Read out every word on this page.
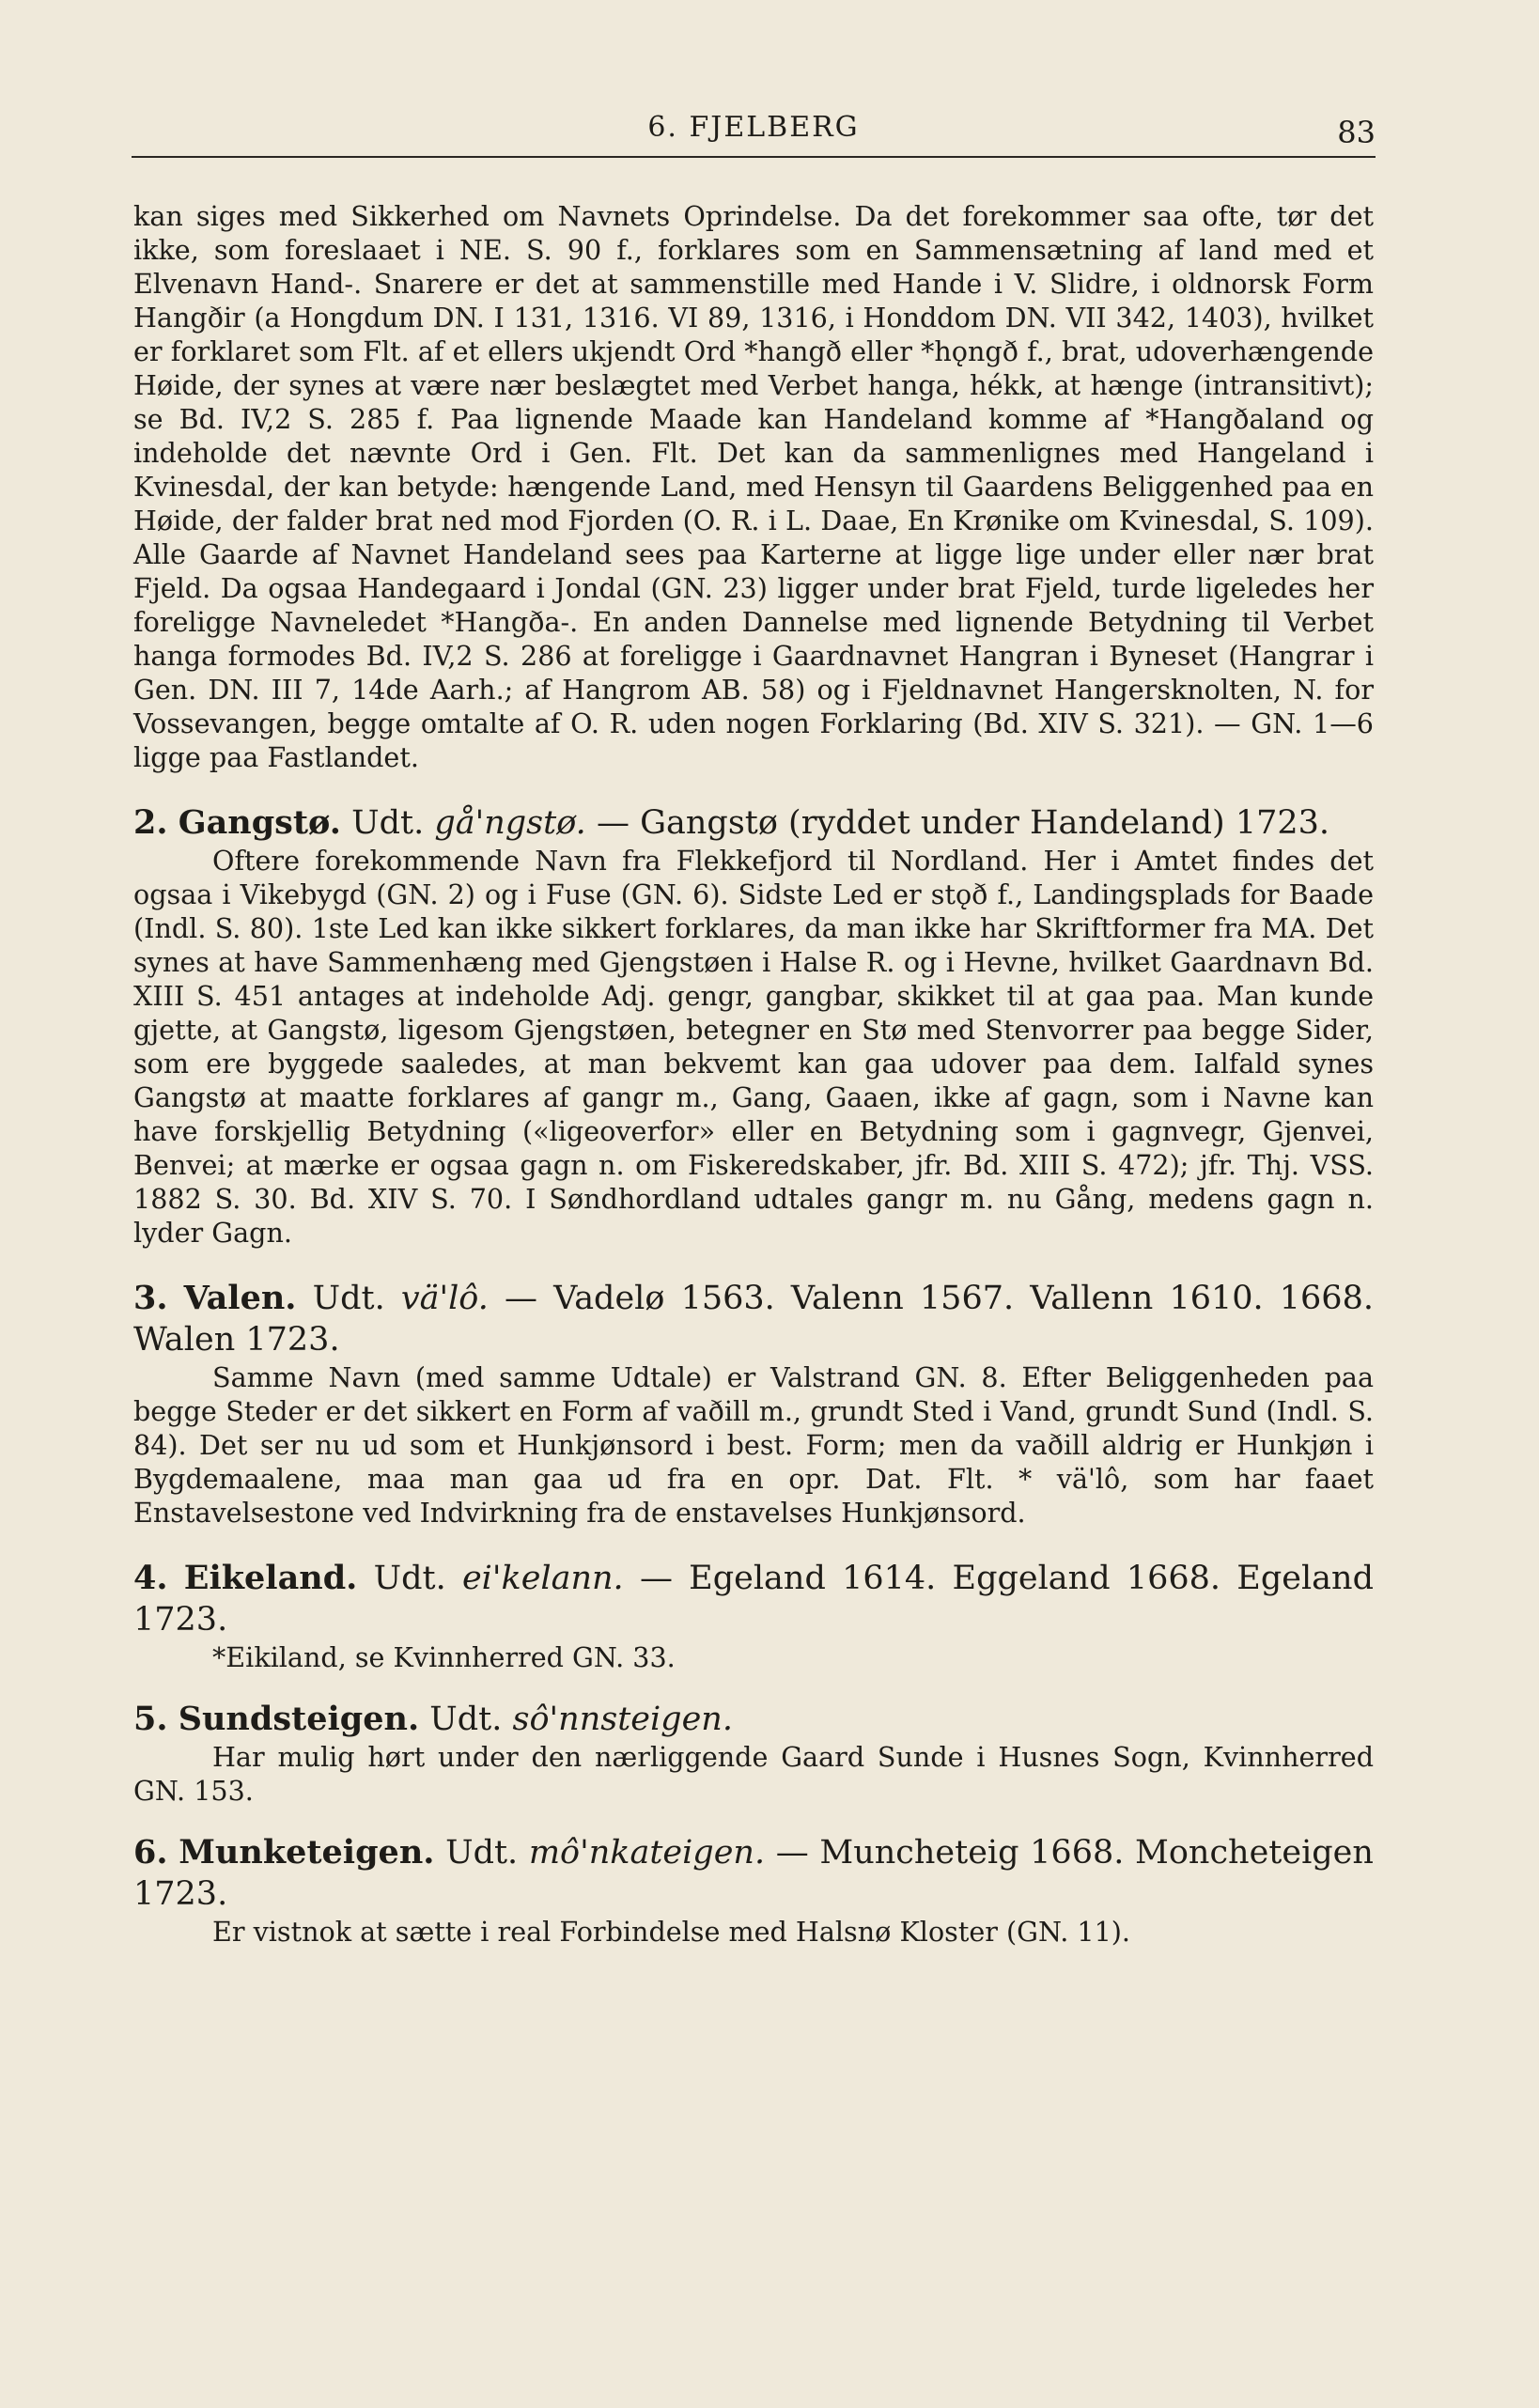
6. FJELBERG	83

kan siges med Sikkerhed om Navnets Oprindelse. Da det forekommer saa ofte, tør det ikke, som foreslaaet i NE. S. 90 f., forklares som en Sammensætning af land med et Elvenavn Hand-. Snarere er det at sammenstille med Hande i V. Slidre, i oldnorsk Form Hangðir (a Hongdum DN. I 131, 1316. VI 89, 1316, i Honddom DN. VII 342, 1403), hvilket er forklaret som Flt. af et ellers ukjendt Ord *hangð eller *hǫngð f., brat, udoverhængende Høide, der synes at være nær beslægtet med Verbet hanga, hékk, at hænge (intransitivt); se Bd. IV,2 S. 285 f. Paa lignende Maade kan Handeland komme af *Hangðaland og indeholde det nævnte Ord i Gen. Flt. Det kan da sammenlignes med Hangeland i Kvinesdal, der kan betyde: hængende Land, med Hensyn til Gaardens Beliggenhed paa en Høide, der falder brat ned mod Fjorden (O. R. i L. Daae, En Krønike om Kvinesdal, S. 109). Alle Gaarde af Navnet Handeland sees paa Karterne at ligge lige under eller nær brat Fjeld. Da ogsaa Handegaard i Jondal (GN. 23) ligger under brat Fjeld, turde ligeledes her foreligge Navneledet *Hangða-. En anden Dannelse med lignende Betydning til Verbet hanga formodes Bd. IV,2 S. 286 at foreligge i Gaardnavnet Hangran i Byneset (Hangrar i Gen. DN. III 7, 14de Aarh.; af Hangrom AB. 58) og i Fjeldnavnet Hangersknolten, N. for Vossevangen, begge omtalte af O. R. uden nogen Forklaring (Bd. XIV S. 321). — GN. 1—6 ligge paa Fastlandet.

2. Gangstø. Udt. gå'ngstø. — Gangstø (ryddet under Handeland) 1723.

Oftere forekommende Navn fra Flekkefjord til Nordland. Her i Amtet findes det ogsaa i Vikebygd (GN. 2) og i Fuse (GN. 6). Sidste Led er stǫð f., Landingsplads for Baade (Indl. S. 80). 1ste Led kan ikke sikkert forklares, da man ikke har Skriftformer fra MA. Det synes at have Sammenhæng med Gjengstøen i Halse R. og i Hevne, hvilket Gaardnavn Bd. XIII S. 451 antages at indeholde Adj. gengr, gangbar, skikket til at gaa paa. Man kunde gjette, at Gangstø, ligesom Gjengstøen, betegner en Stø med Stenvorrer paa begge Sider, som ere byggede saaledes, at man bekvemt kan gaa udover paa dem. Ialfald synes Gangstø at maatte forklares af gangr m., Gang, Gaaen, ikke af gagn, som i Navne kan have forskjellig Betydning («ligeoverfor» eller en Betydning som i gagnvegr, Gjenvei, Benvei; at mærke er ogsaa gagn n. om Fiskeredskaber, jfr. Bd. XIII S. 472); jfr. Thj. VSS. 1882 S. 30. Bd. XIV S. 70. I Søndhordland udtales gangr m. nu Gång, medens gagn n. lyder Gagn.

3. Valen. Udt. vä'lô. — Vadelø 1563. Valenn 1567. Vallenn 1610. 1668. Walen 1723.

Samme Navn (med samme Udtale) er Valstrand GN. 8. Efter Beliggenheden paa begge Steder er det sikkert en Form af vaðill m., grundt Sted i Vand, grundt Sund (Indl. S. 84). Det ser nu ud som et Hunkjønsord i best. Form; men da vaðill aldrig er Hunkjøn i Bygdemaalene, maa man gaa ud fra en opr. Dat. Flt. * vä'lô, som har faaet Enstavelsestone ved Indvirkning fra de enstavelses Hunkjønsord.

4. Eikeland. Udt. ei'kelann. — Egeland 1614. Eggeland 1668. Egeland 1723.

*Eikiland, se Kvinnherred GN. 33.

5. Sundsteigen. Udt. sô'nnsteigen.

Har mulig hørt under den nærliggende Gaard Sunde i Husnes Sogn, Kvinnherred GN. 153.

6. Munketeigen. Udt. mô'nkateigen. — Muncheteig 1668. Moncheteigen 1723.

Er vistnok at sætte i real Forbindelse med Halsnø Kloster (GN. 11).
